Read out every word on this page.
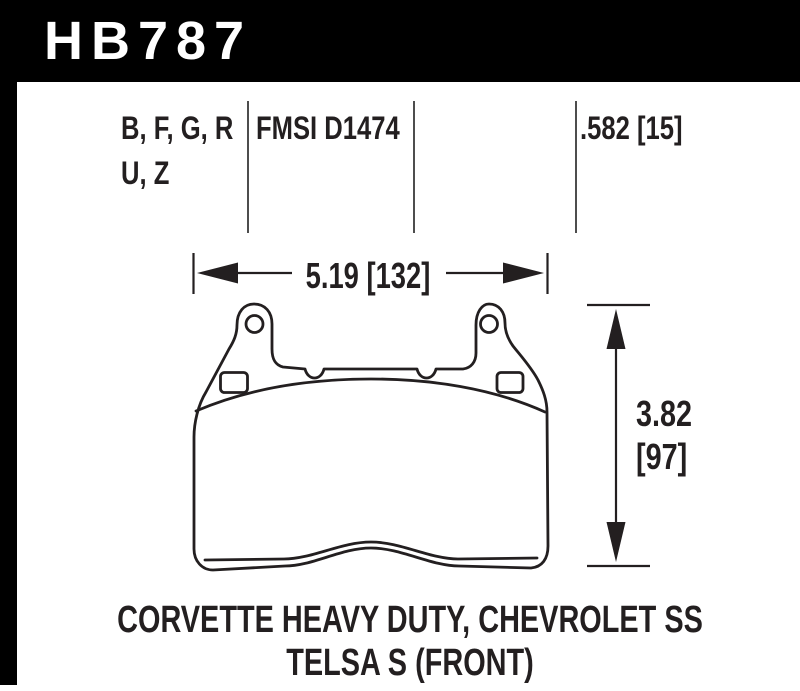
HB787
B, F, G, R
U, Z
FMSI D1474	.582 [15]
5.19 [132]
3.82
[97]
CORVETTE HEAVY DUTY, CHEVROLET SS
TELSA S (FRONT)
